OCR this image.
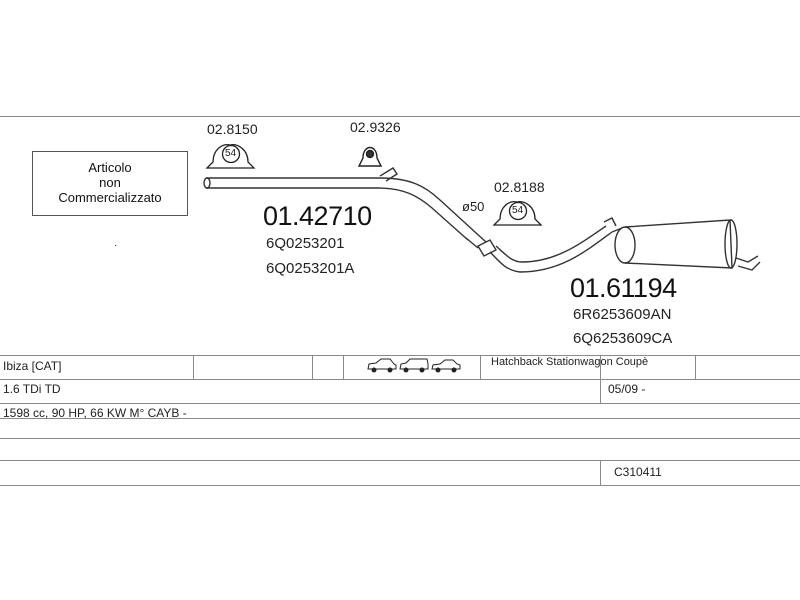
Articolo
non
Commercializzato
·
54
54
02.8150	02.9326
02.8188
ø50
01.42710
6Q0253201
6Q0253201A
01.61194
6R6253609AN
6Q6253609CA
Ibiza [CAT]	Hatchback Stationwagon Coupè
1.6 TDi TD	05/09 -
1598 cc, 90 HP, 66 KW M° CAYB -
C310411
